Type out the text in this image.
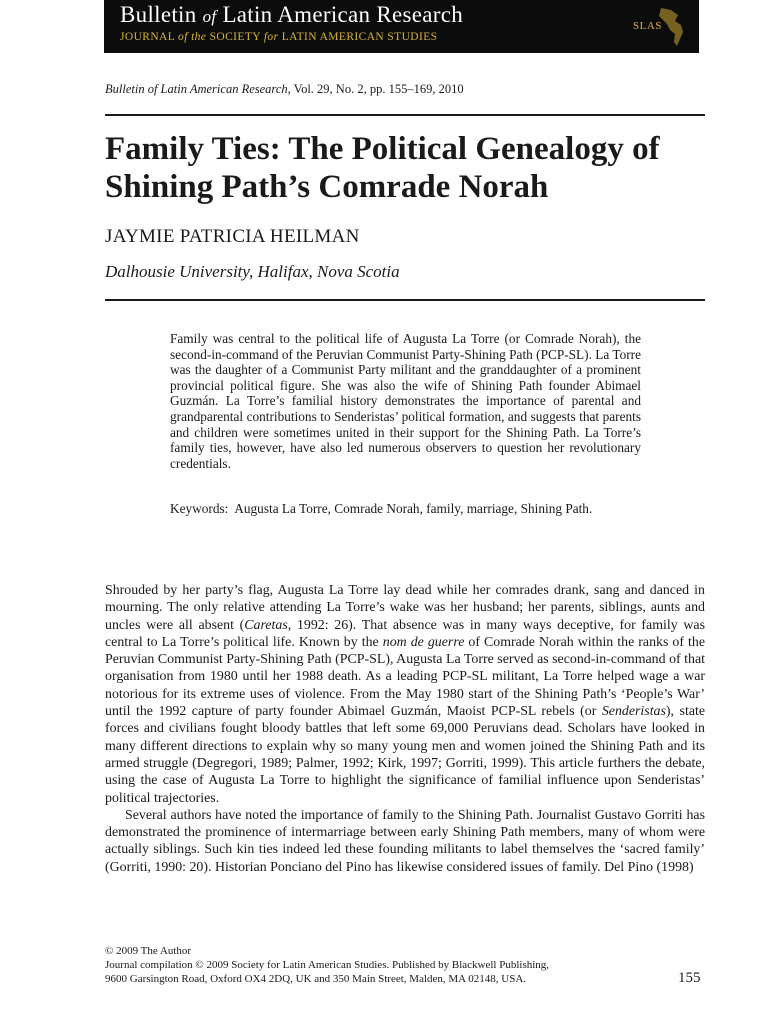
Bulletin of Latin American Research
JOURNAL of the SOCIETY for LATIN AMERICAN STUDIES
SLAS
Bulletin of Latin American Research, Vol. 29, No. 2, pp. 155–169, 2010
Family Ties: The Political Genealogy of Shining Path’s Comrade Norah
JAYMIE PATRICIA HEILMAN
Dalhousie University, Halifax, Nova Scotia

Family was central to the political life of Augusta La Torre (or Comrade Norah), the second-in-command of the Peruvian Communist Party-Shining Path (PCP-SL). La Torre was the daughter of a Communist Party militant and the granddaughter of a prominent provincial political figure. She was also the wife of Shining Path founder Abimael Guzmán. La Torre’s familial history demonstrates the importance of parental and grandparental contributions to Senderistas’ political formation, and suggests that parents and children were sometimes united in their support for the Shining Path. La Torre’s family ties, however, have also led numerous observers to question her revolutionary credentials.

Keywords: Augusta La Torre, Comrade Norah, family, marriage, Shining Path.

Shrouded by her party’s flag, Augusta La Torre lay dead while her comrades drank, sang and danced in mourning. The only relative attending La Torre’s wake was her husband; her parents, siblings, aunts and uncles were all absent (Caretas, 1992: 26). That absence was in many ways deceptive, for family was central to La Torre’s political life. Known by the nom de guerre of Comrade Norah within the ranks of the Peruvian Communist Party-Shining Path (PCP-SL), Augusta La Torre served as second-in-command of that organisation from 1980 until her 1988 death. As a leading PCP-SL militant, La Torre helped wage a war notorious for its extreme uses of violence. From the May 1980 start of the Shining Path’s ‘People’s War’ until the 1992 capture of party founder Abimael Guzmán, Maoist PCP-SL rebels (or Senderistas), state forces and civilians fought bloody battles that left some 69,000 Peruvians dead. Scholars have looked in many different directions to explain why so many young men and women joined the Shining Path and its armed struggle (Degregori, 1989; Palmer, 1992; Kirk, 1997; Gorriti, 1999). This article furthers the debate, using the case of Augusta La Torre to highlight the significance of familial influence upon Senderistas’ political trajectories.

Several authors have noted the importance of family to the Shining Path. Journalist Gustavo Gorriti has demonstrated the prominence of intermarriage between early Shining Path members, many of whom were actually siblings. Such kin ties indeed led these founding militants to label themselves the ‘sacred family’ (Gorriti, 1990: 20). Historian Ponciano del Pino has likewise considered issues of family. Del Pino (1998)

© 2009 The Author
Journal compilation © 2009 Society for Latin American Studies. Published by Blackwell Publishing,
9600 Garsington Road, Oxford OX4 2DQ, UK and 350 Main Street, Malden, MA 02148, USA.	155
